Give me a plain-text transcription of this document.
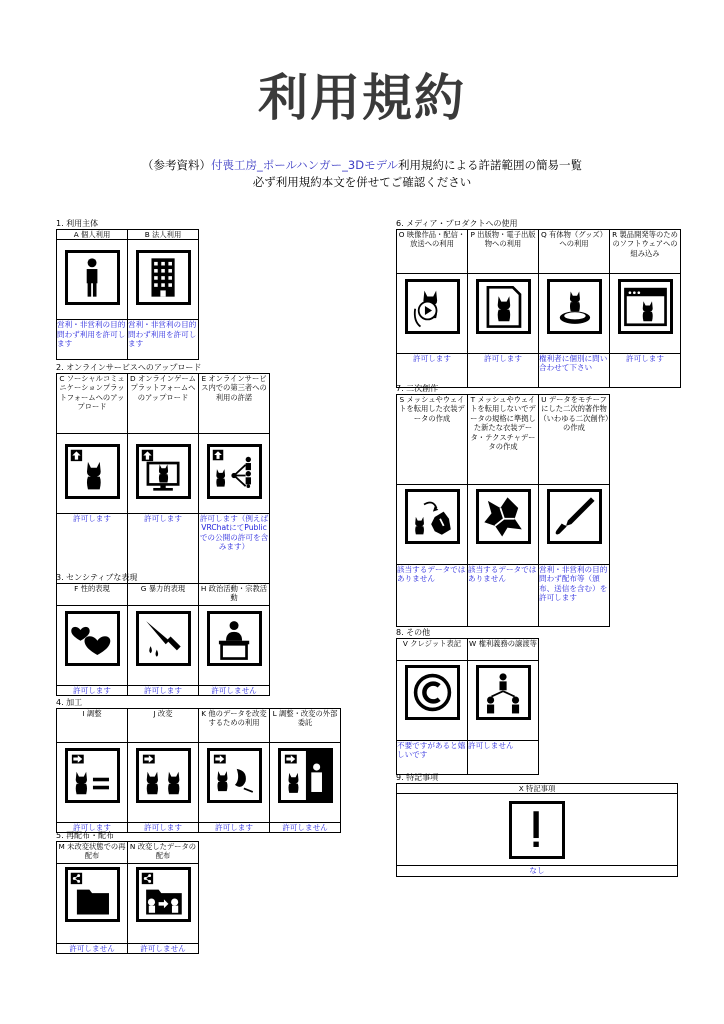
利用規約
（参考資料）付喪工房_ポールハンガー_3Dモデル利用規約による許諾範囲の簡易一覧
必ず利用規約本文を併せてご確認ください
1. 利用主体
A 個人利用	B 法人利用

営利・非営利の目的問わず利用を許可します	営利・非営利の目的問わず利用を許可します
2. オンラインサービスへのアップロード
C ソーシャルコミュニケーションプラットフォームへのアップロード	D オンラインゲームプラットフォームへのアップロード	E オンラインサービス内での第三者への利用の許諾

許可します	許可します	許可します（例えばVRChatにてPublicでの公開の許可を含みます）
3. センシティブな表現
F 性的表現	G 暴力的表現	H 政治活動・宗教活動

許可します	許可します	許可しません
4. 加工
I 調整	J 改変	K 他のデータを改変するための利用	L 調整・改変の外部委託

許可します	許可します	許可します	許可しません
5. 再配布・配布
M 未改変状態での再配布	N 改変したデータの配布

許可しません	許可しません
6. メディア・プロダクトへの使用
O 映像作品・配信・放送への利用	P 出版物・電子出版物への利用	Q 有体物（グッズ）への利用	R 製品開発等のためのソフトウェアへの組み込み

許可します	許可します	権利者に個別に問い合わせて下さい	許可します
7. 二次創作
S メッシュやウェイトを転用した衣装データの作成	T メッシュやウェイトを転用しないでデータの規格に準拠した新たな衣装データ・テクスチャデータの作成	U データをモチーフにした二次的著作物（いわゆる二次創作）の作成

該当するデータではありません	該当するデータではありません	営利・非営利の目的問わず配布等（頒布、送信を含む）を許可します
8. その他
V クレジット表記	W 権利義務の譲渡等

不要ですがあると嬉しいです	許可しません
9. 特記事項
X 特記事項

なし
